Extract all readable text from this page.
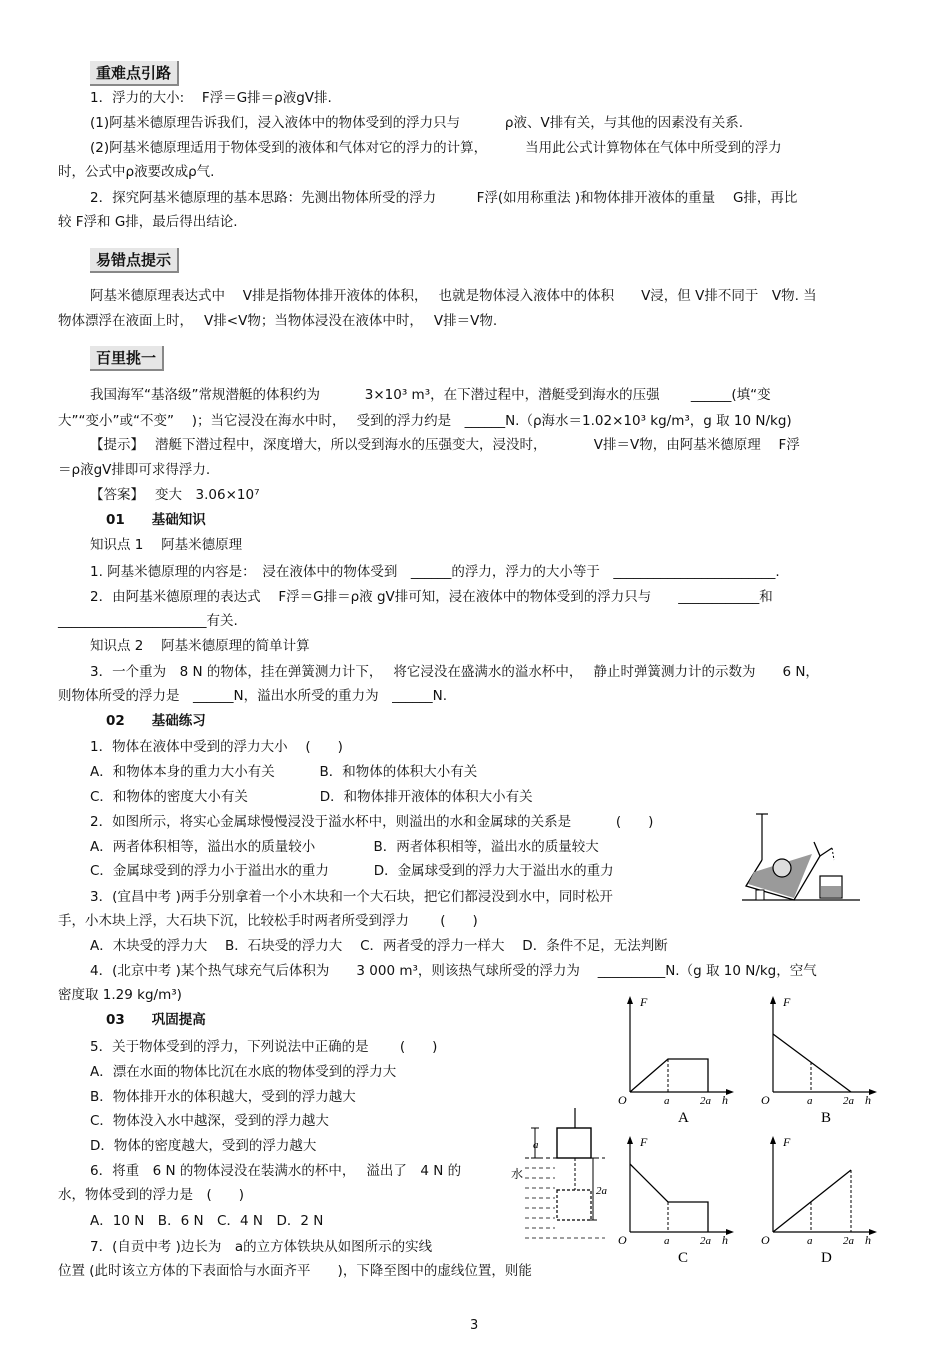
重难点引路
易错点提示
百里挑一
1．浮力的大小:　 F浮＝G排＝ρ液gV排.
(1)阿基米德原理告诉我们，浸入液体中的物体受到的浮力只与　　　 ρ液、V排有关，与其他的因素没有关系.
(2)阿基米德原理适用于物体受到的液体和气体对它的浮力的计算，　　　 当用此公式计算物体在气体中所受到的浮力
时，公式中ρ液要改成ρ气.
2．探究阿基米德原理的基本思路：先测出物体所受的浮力　　　F浮(如用称重法 )和物体排开液体的重量　 G排，再比
较 F浮和 G排，最后得出结论.
阿基米德原理表达式中　 V排是指物体排开液体的体积，　 也就是物体浸入液体中的体积　　V浸，但 V排不同于　V物. 当
物体漂浮在液面上时，　 V排<V物；当物体浸没在液体中时，　 V排＝V物.
我国海军“基洛级”常规潜艇的体积约为　　　 3×10³ m³，在下潜过程中，潜艇受到海水的压强　　 ______(填“变
大”“变小”或“不变”　 )；当它浸没在海水中时，　 受到的浮力约是　______N.（ρ海水＝1.02×10³ kg/m³，g 取 10 N/kg)
【提示】　 潜艇下潜过程中，深度增大，所以受到海水的压强变大，浸没时，　　　　V排＝V物，由阿基米德原理　 F浮
＝ρ液gV排即可求得浮力.
【答案】　 变大　3.06×10⁷
01　　基础知识
知识点 1　 阿基米德原理
1. 阿基米德原理的内容是：　浸在液体中的物体受到　______的浮力，浮力的大小等于　________________________.
2．由阿基米德原理的表达式　 F浮＝G排＝ρ液 gV排可知，浸在液体中的物体受到的浮力只与　　____________和
______________________有关.
知识点 2　 阿基米德原理的简单计算
3．一个重为　8 N 的物体，挂在弹簧测力计下，　 将它浸没在盛满水的溢水杯中，　 静止时弹簧测力计的示数为　　6 N，
则物体所受的浮力是　______N，溢出水所受的重力为　______N.
02　　基础练习
1．物体在液体中受到的浮力大小　 (　　)
A．和物体本身的重力大小有关　　　 B．和物体的体积大小有关
C．和物体的密度大小有关　　　　　 D．和物体排开液体的体积大小有关
2．如图所示，将实心金属球慢慢浸没于溢水杯中，则溢出的水和金属球的关系是　　　 (　　)
A．两者体积相等，溢出水的质量较小　　　　 B．两者体积相等，溢出水的质量较大
C．金属球受到的浮力小于溢出水的重力　　　 D．金属球受到的浮力大于溢出水的重力
3．(宜昌中考 )两手分别拿着一个小木块和一个大石块，把它们都浸没到水中，同时松开
手，小木块上浮，大石块下沉，比较松手时两者所受到浮力　　 (　　)
A．木块受的浮力大　 B．石块受的浮力大　 C．两者受的浮力一样大　 D．条件不足，无法判断
4．(北京中考 )某个热气球充气后体积为　　3 000 m³，则该热气球所受的浮力为　 __________N.（g 取 10 N/kg，空气
密度取 1.29 kg/m³)
03　　巩固提高
5．关于物体受到的浮力，下列说法中正确的是　　 (　　)
A．漂在水面的物体比沉在水底的物体受到的浮力大
B．物体排开水的体积越大，受到的浮力越大
C．物体没入水中越深，受到的浮力越大
D．物体的密度越大，受到的浮力越大
6．将重　6 N 的物体浸没在装满水的杯中，　 溢出了　4 N 的
水，物体受到的浮力是　(　　)
A．10 N　B．6 N　C．4 N　D．2 N
7．(自贡中考 )边长为　a的立方体铁块从如图所示的实线
位置 (此时该立方体的下表面恰与水面齐平　　)，下降至图中的虚线位置，则能
a
水
2a
F
O	a	2a h
A
F
O	a	2a h
B
F
O	a	2a h
C
F
O	a	2a h
D
3
